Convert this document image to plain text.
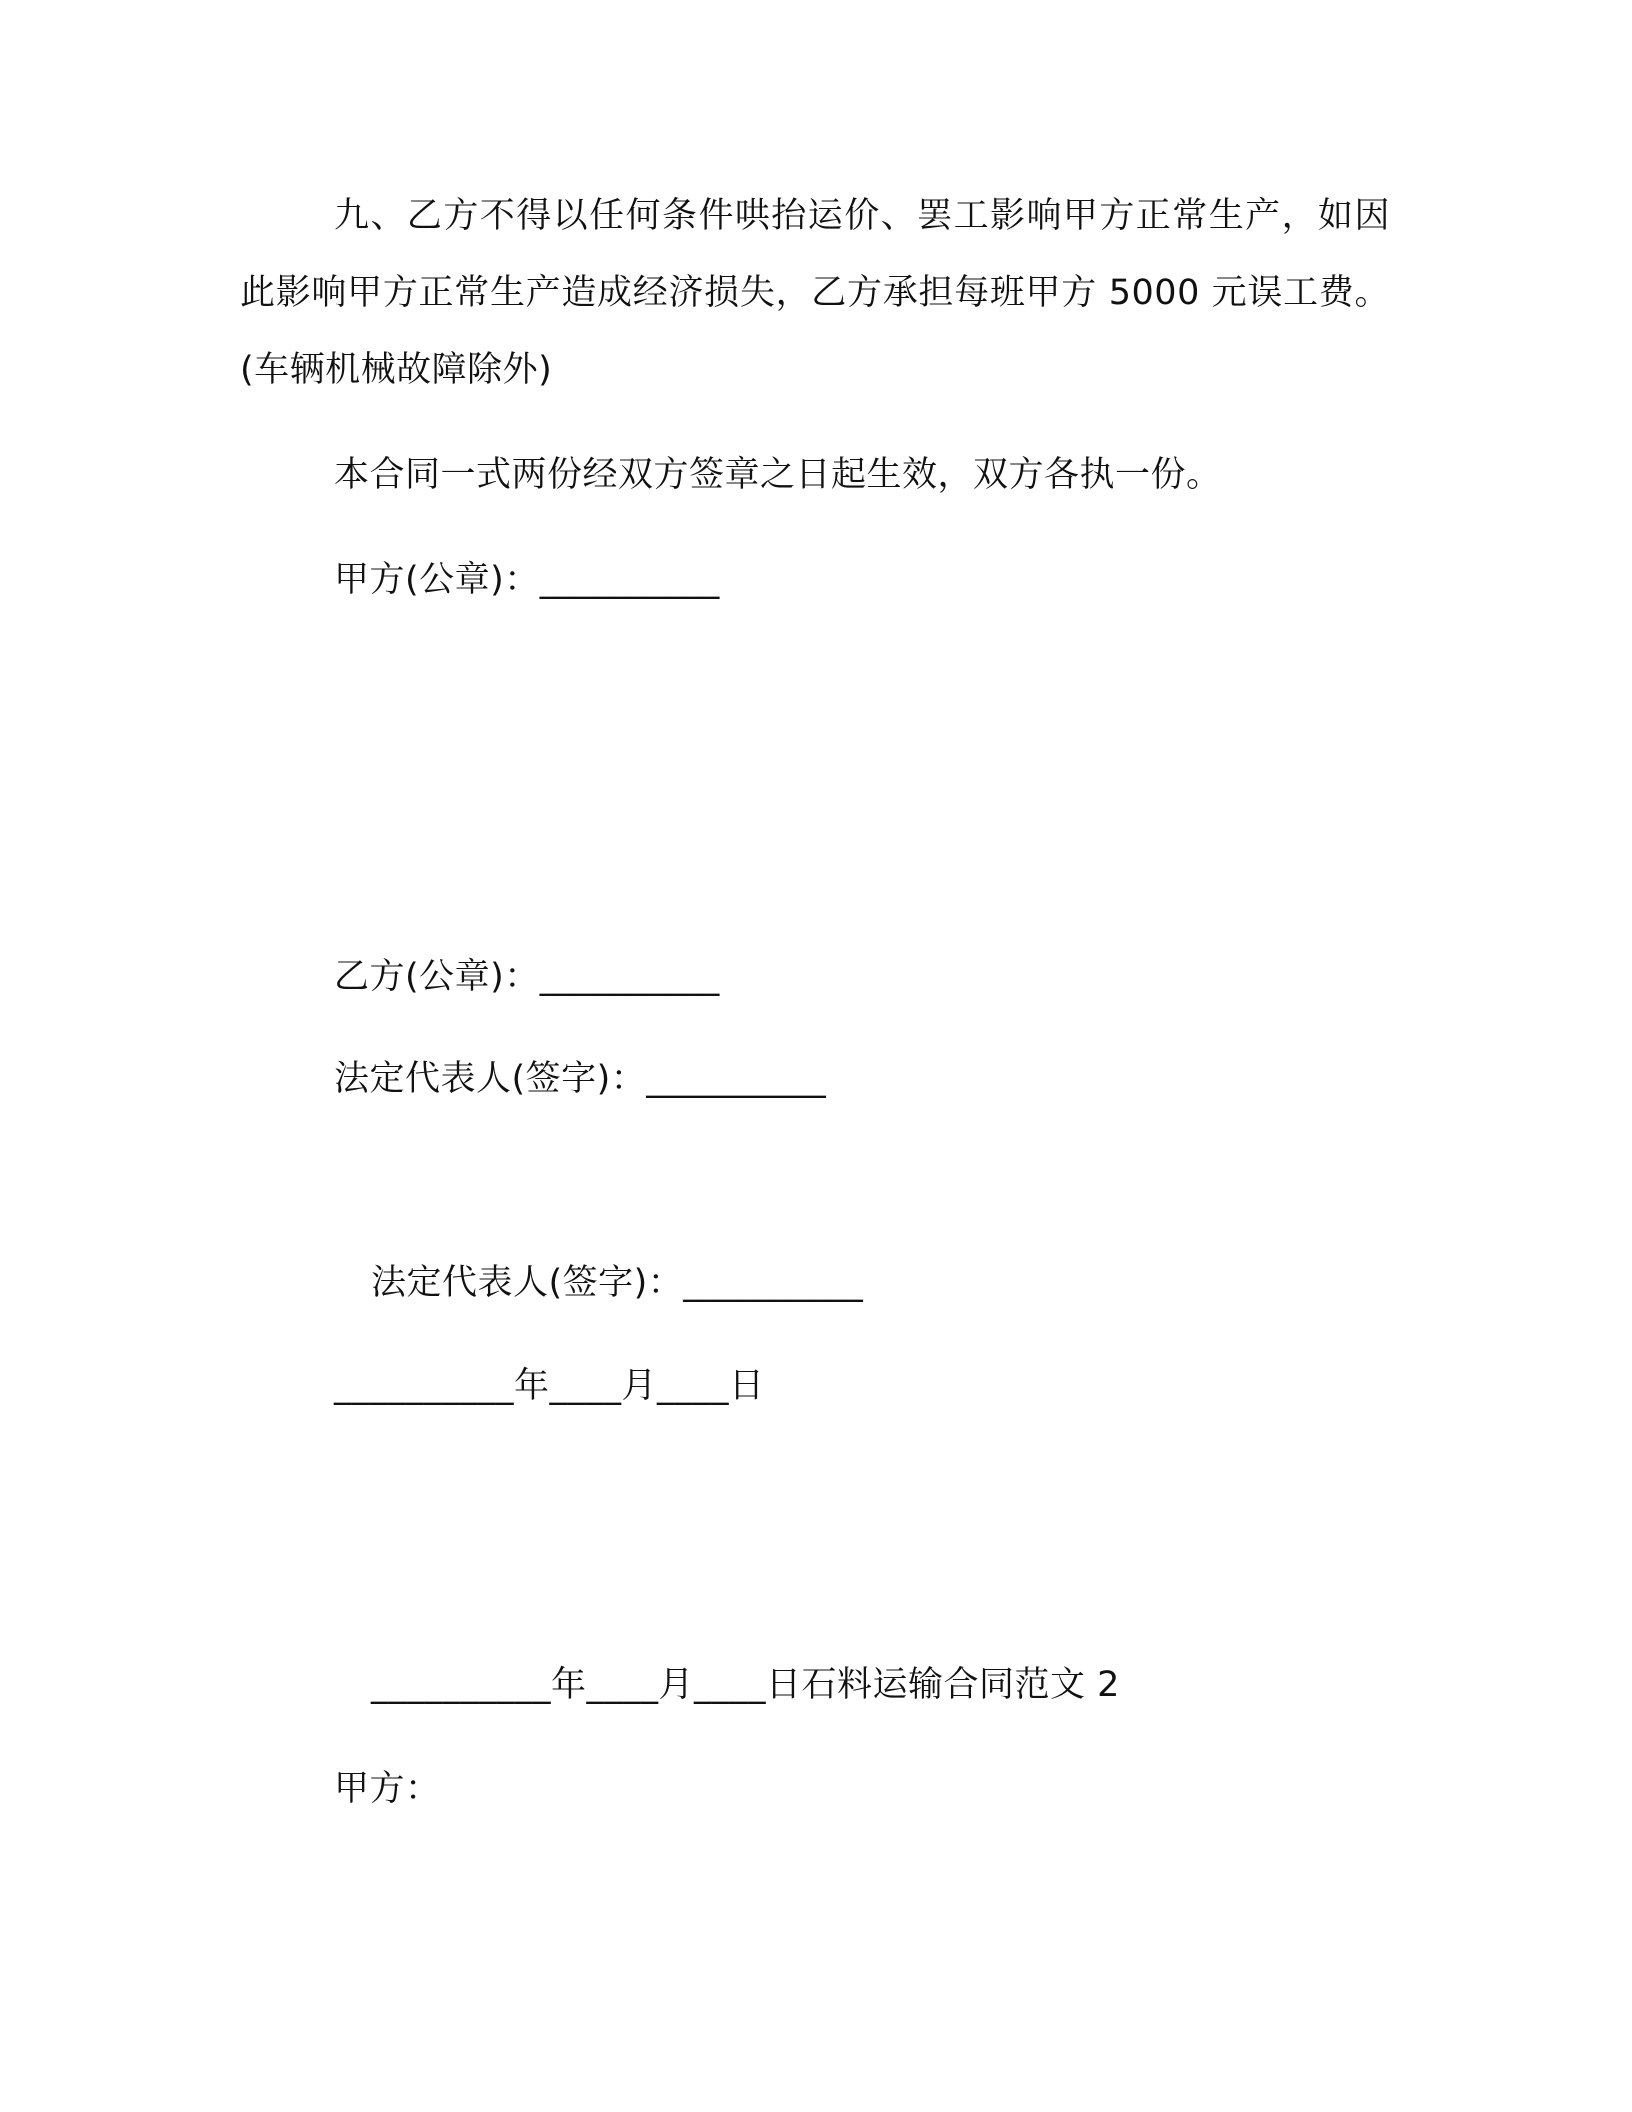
九、乙方不得以任何条件哄抬运价、罢工影响甲方正常生产，如因此影响甲方正常生产造成经济损失，乙方承担每班甲方 5000 元误工费。(车辆机械故障除外)
本合同一式两份经双方签章之日起生效，双方各执一份。
甲方(公章)：__________
乙方(公章)：__________
法定代表人(签字)：__________
法定代表人(签字)：__________
__________年____月____日
__________年____月____日石料运输合同范文 2
甲方：
